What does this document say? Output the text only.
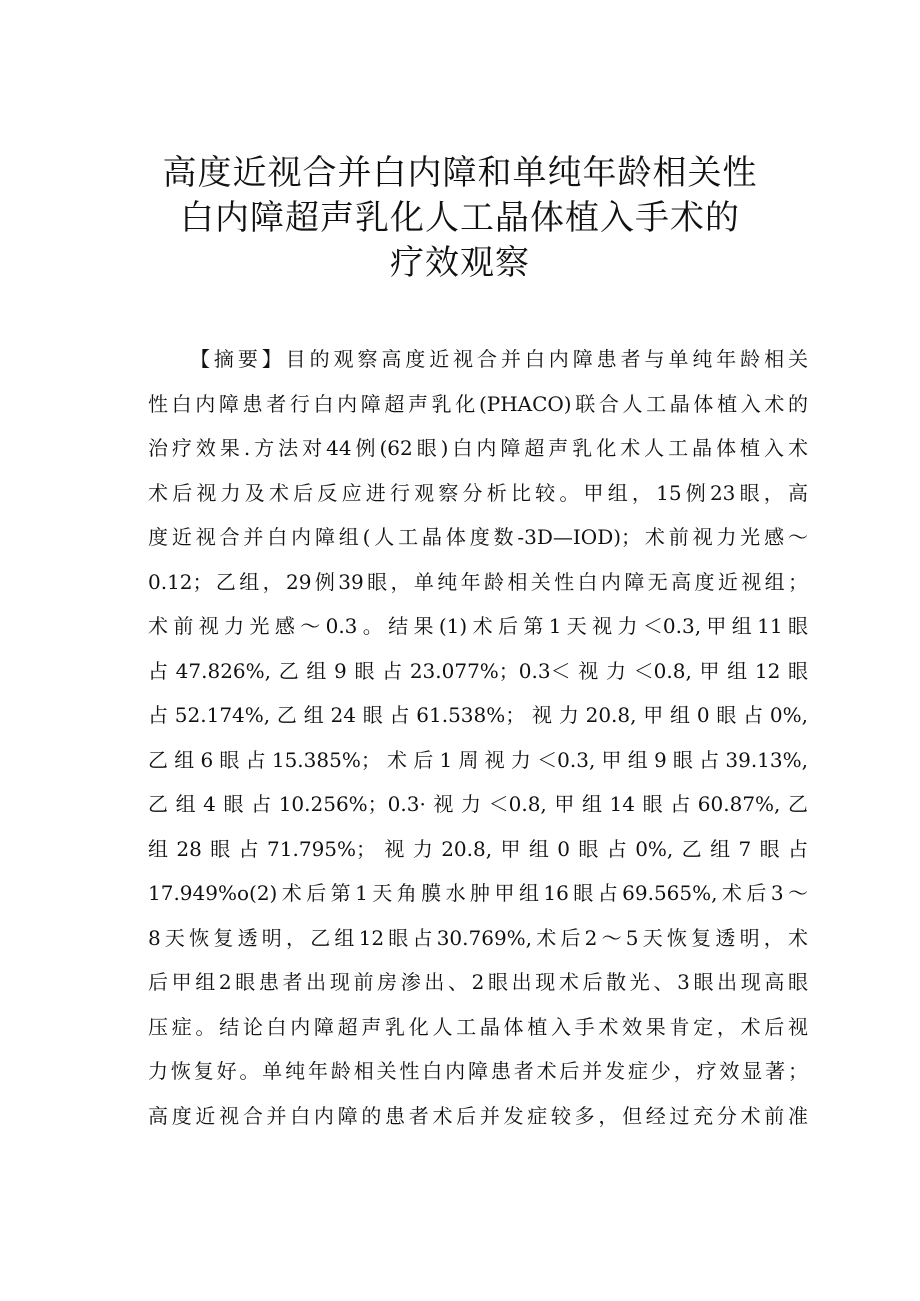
高度近视合并白内障和单纯年龄相关性
白内障超声乳化人工晶体植入手术的
疗效观察
【摘要】目的观察高度近视合并白内障患者与单纯年龄相关
性白内障患者行白内障超声乳化(PHACO)联合人工晶体植入术的
治疗效果.方法对44例(62眼)白内障超声乳化术人工晶体植入术
术后视力及术后反应进行观察分析比较。甲组，15例23眼，高
度近视合并白内障组(人工晶体度数-3D—IOD)；术前视力光感～
0.12；乙组，29例39眼，单纯年龄相关性白内障无高度近视组；
术前视力光感～0.3。结果(1)术后第1天视力＜0.3,甲组11眼
占47.826%,乙组9眼占23.077%；0.3＜视力＜0.8,甲组12眼
占52.174%,乙组24眼占61.538%；视力20.8,甲组0眼占0%,
乙组6眼占15.385%；术后1周视力＜0.3,甲组9眼占39.13%,
乙组4眼占10.256%；0.3·视力＜0.8,甲组14眼占60.87%,乙
组28眼占71.795%；视力20.8,甲组0眼占0%,乙组7眼占
17.949%o(2)术后第1天角膜水肿甲组16眼占69.565%,术后3～
8天恢复透明，乙组12眼占30.769%,术后2～5天恢复透明，术
后甲组2眼患者出现前房渗出、2眼出现术后散光、3眼出现高眼
压症。结论白内障超声乳化人工晶体植入手术效果肯定，术后视
力恢复好。单纯年龄相关性白内障患者术后并发症少，疗效显著；
高度近视合并白内障的患者术后并发症较多，但经过充分术前准
